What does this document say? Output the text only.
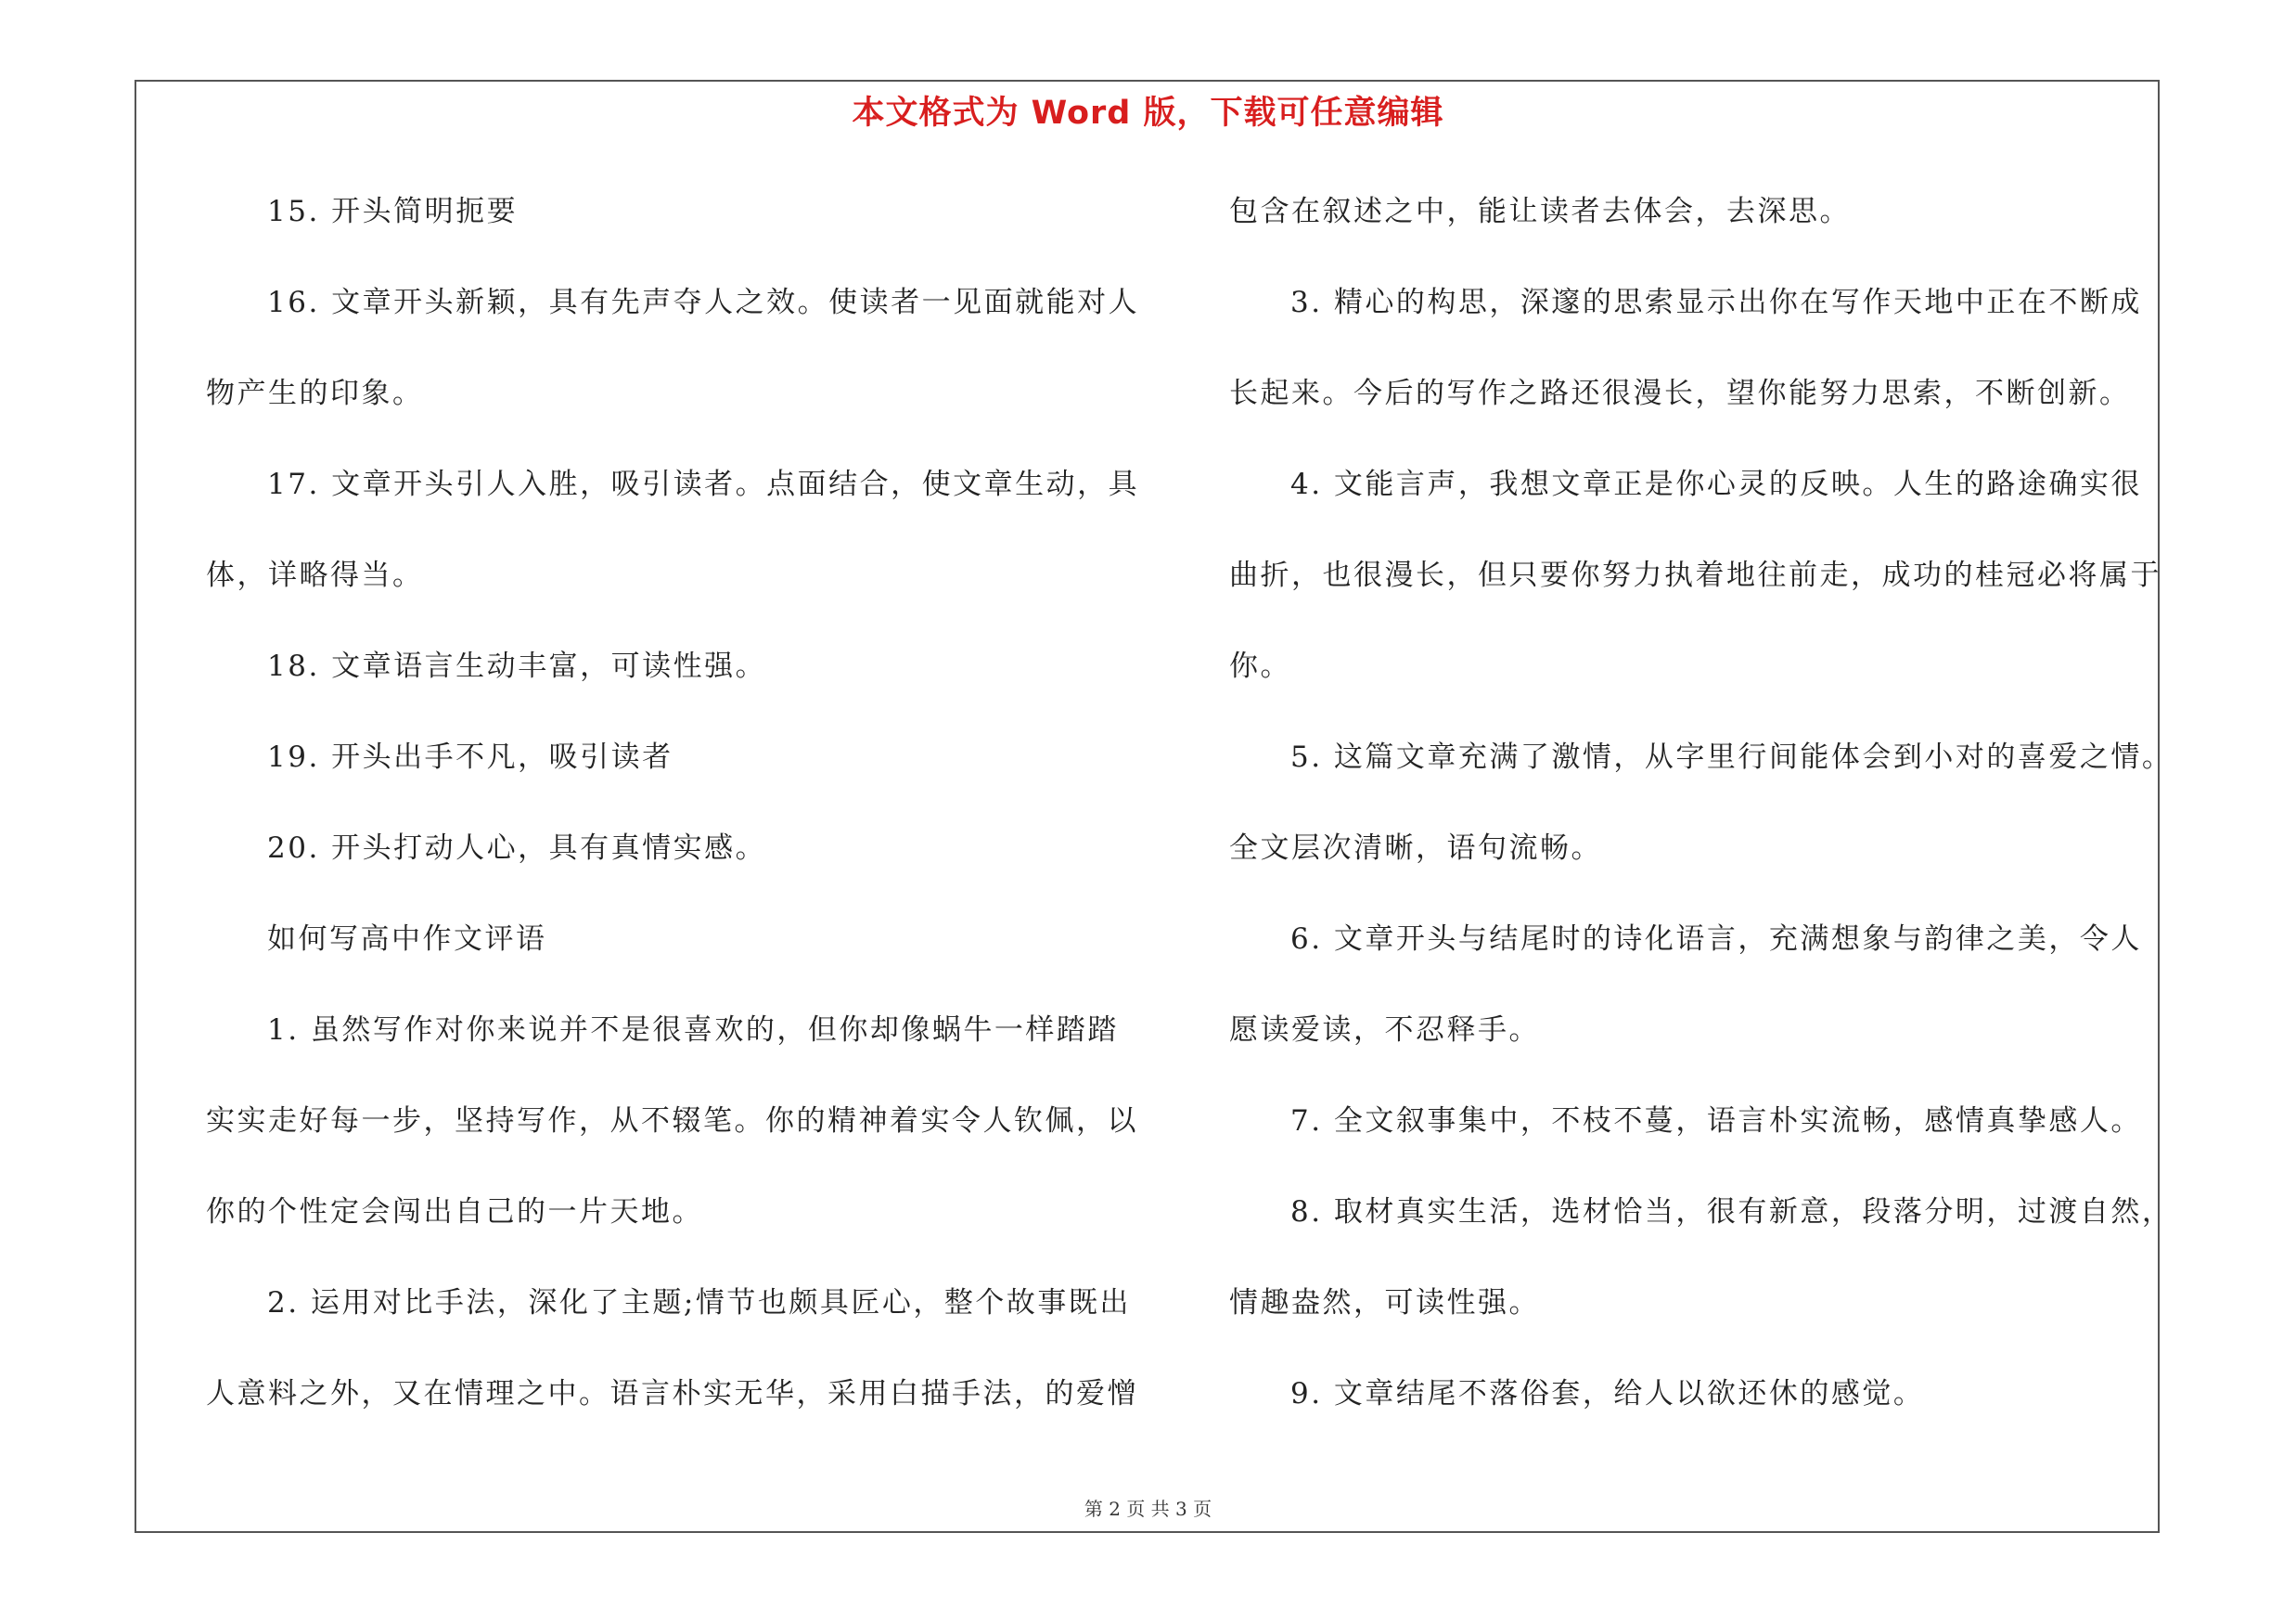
本文格式为 Word 版，下载可任意编辑
15. 开头简明扼要
16. 文章开头新颖，具有先声夺人之效。使读者一见面就能对人
物产生的印象。
17. 文章开头引人入胜，吸引读者。点面结合，使文章生动，具
体，详略得当。
18. 文章语言生动丰富，可读性强。
19. 开头出手不凡，吸引读者
20. 开头打动人心，具有真情实感。
如何写高中作文评语
1. 虽然写作对你来说并不是很喜欢的，但你却像蜗牛一样踏踏
实实走好每一步，坚持写作，从不辍笔。你的精神着实令人钦佩，以
你的个性定会闯出自己的一片天地。
2. 运用对比手法，深化了主题;情节也颇具匠心，整个故事既出
人意料之外，又在情理之中。语言朴实无华，采用白描手法，的爱憎
包含在叙述之中，能让读者去体会，去深思。
3. 精心的构思，深邃的思索显示出你在写作天地中正在不断成
长起来。今后的写作之路还很漫长，望你能努力思索，不断创新。
4. 文能言声，我想文章正是你心灵的反映。人生的路途确实很
曲折，也很漫长，但只要你努力执着地往前走，成功的桂冠必将属于
你。
5. 这篇文章充满了激情，从字里行间能体会到小对的喜爱之情。
全文层次清晰，语句流畅。
6. 文章开头与结尾时的诗化语言，充满想象与韵律之美，令人
愿读爱读，不忍释手。
7. 全文叙事集中，不枝不蔓，语言朴实流畅，感情真挚感人。
8. 取材真实生活，选材恰当，很有新意，段落分明，过渡自然，
情趣盎然，可读性强。
9. 文章结尾不落俗套，给人以欲还休的感觉。
第 2 页 共 3 页
